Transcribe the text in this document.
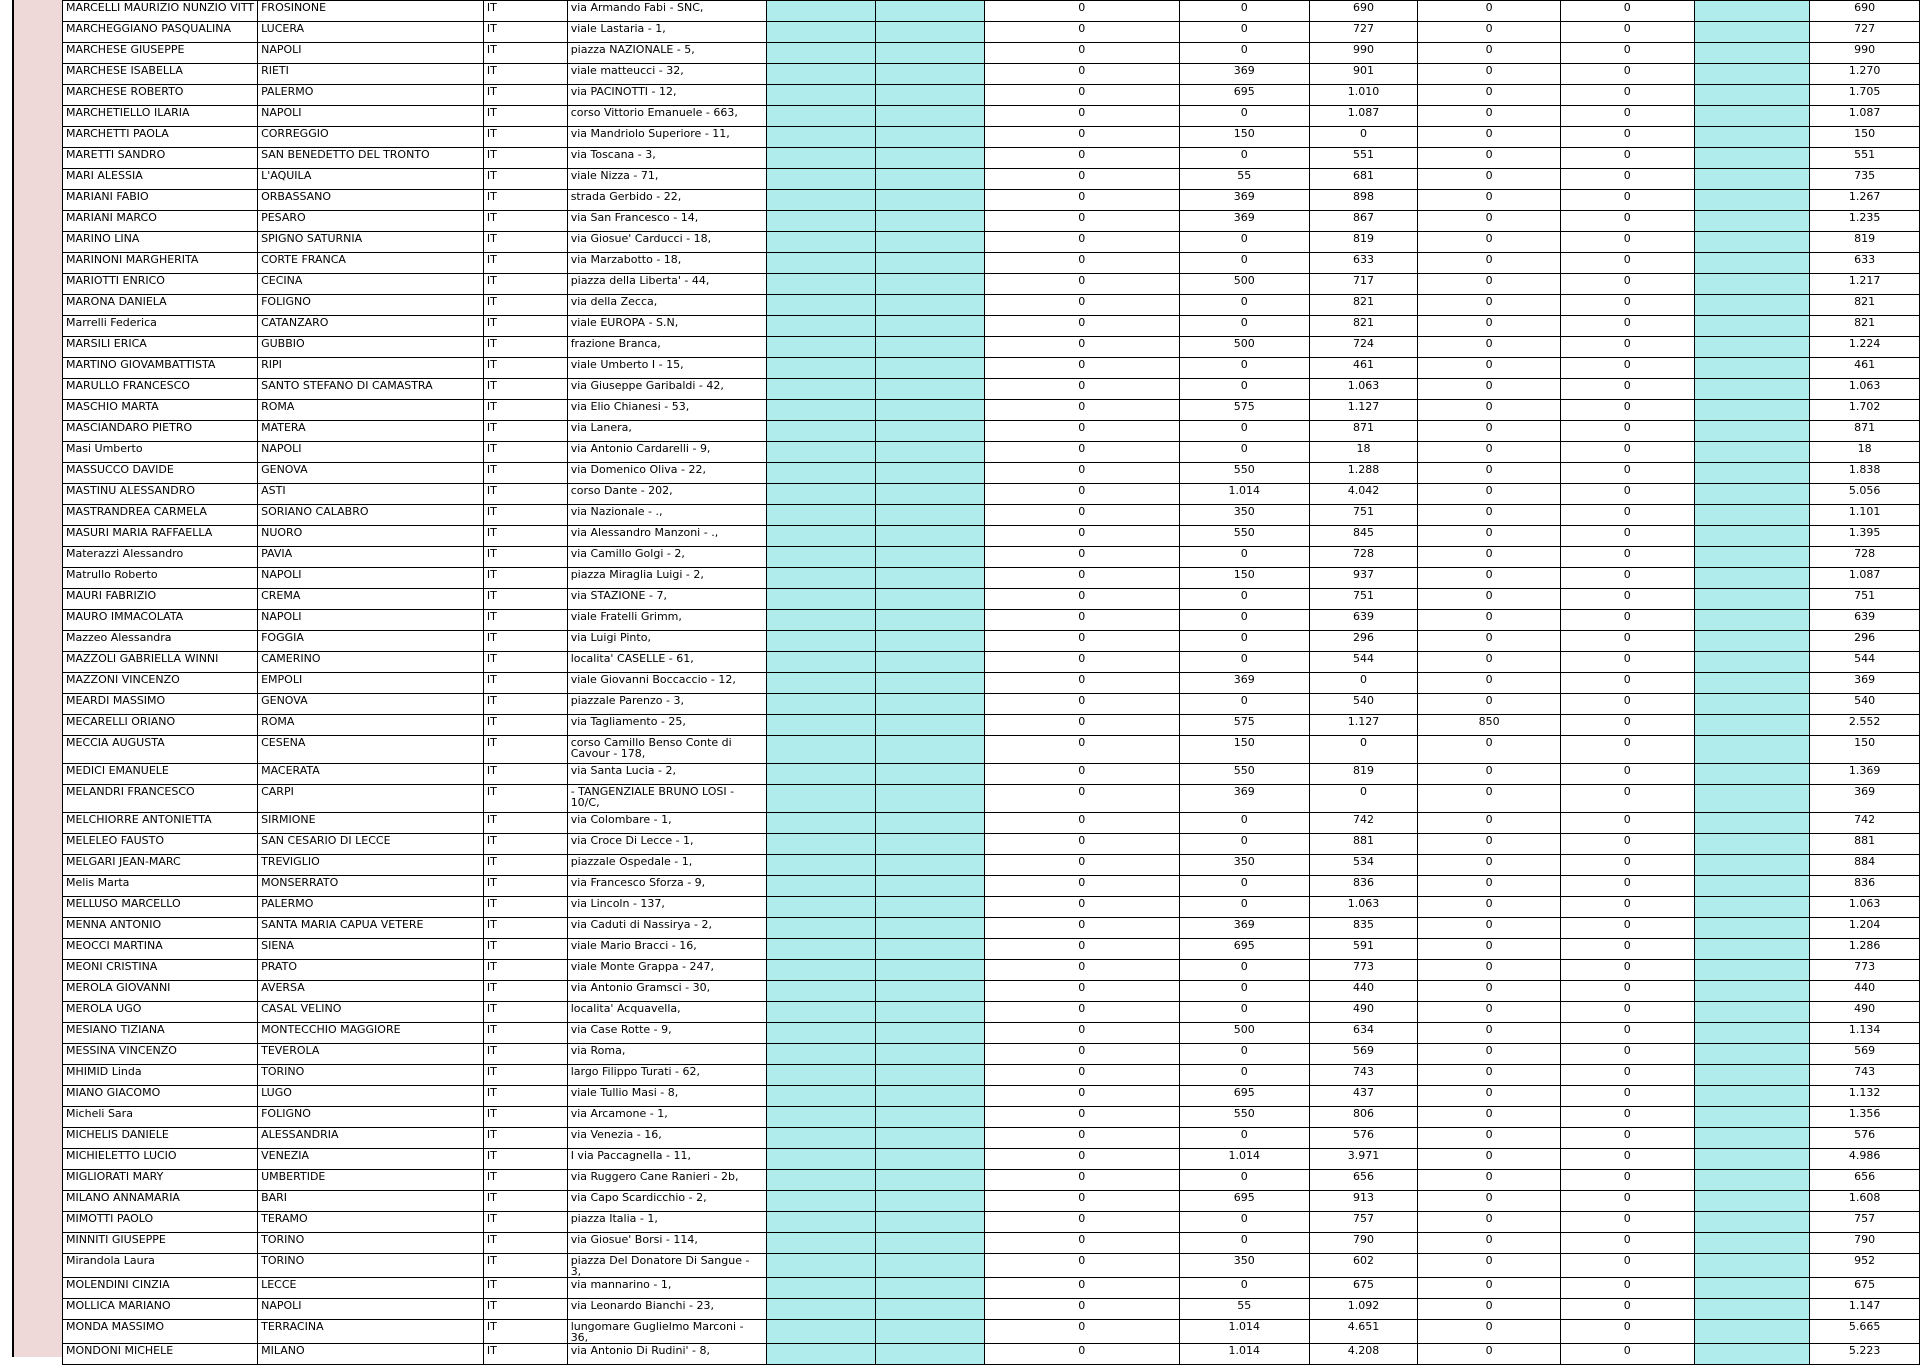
MARCELLI MAURIZIO NUNZIO VITT	FROSINONE	IT	via Armando Fabi - SNC,			0	0	690	0	0		690
MARCHEGGIANO PASQUALINA	LUCERA	IT	viale Lastaria - 1,			0	0	727	0	0		727
MARCHESE GIUSEPPE	NAPOLI	IT	piazza NAZIONALE - 5,			0	0	990	0	0		990
MARCHESE ISABELLA	RIETI	IT	viale matteucci - 32,			0	369	901	0	0		1.270
MARCHESE ROBERTO	PALERMO	IT	via PACINOTTI - 12,			0	695	1.010	0	0		1.705
MARCHETIELLO ILARIA	NAPOLI	IT	corso Vittorio Emanuele - 663,			0	0	1.087	0	0		1.087
MARCHETTI PAOLA	CORREGGIO	IT	via Mandriolo Superiore - 11,			0	150	0	0	0		150
MARETTI SANDRO	SAN BENEDETTO DEL TRONTO	IT	via Toscana - 3,			0	0	551	0	0		551
MARI ALESSIA	L'AQUILA	IT	viale Nizza - 71,			0	55	681	0	0		735
MARIANI FABIO	ORBASSANO	IT	strada Gerbido - 22,			0	369	898	0	0		1.267
MARIANI MARCO	PESARO	IT	via San Francesco - 14,			0	369	867	0	0		1.235
MARINO LINA	SPIGNO SATURNIA	IT	via Giosue' Carducci - 18,			0	0	819	0	0		819
MARINONI MARGHERITA	CORTE FRANCA	IT	via Marzabotto - 18,			0	0	633	0	0		633
MARIOTTI ENRICO	CECINA	IT	piazza della Liberta' - 44,			0	500	717	0	0		1.217
MARONA DANIELA	FOLIGNO	IT	via della Zecca,			0	0	821	0	0		821
Marrelli Federica	CATANZARO	IT	viale EUROPA - S.N,			0	0	821	0	0		821
MARSILI ERICA	GUBBIO	IT	frazione Branca,			0	500	724	0	0		1.224
MARTINO GIOVAMBATTISTA	RIPI	IT	viale Umberto I - 15,			0	0	461	0	0		461
MARULLO FRANCESCO	SANTO STEFANO DI CAMASTRA	IT	via Giuseppe Garibaldi - 42,			0	0	1.063	0	0		1.063
MASCHIO MARTA	ROMA	IT	via Elio Chianesi - 53,			0	575	1.127	0	0		1.702
MASCIANDARO PIETRO	MATERA	IT	via Lanera,			0	0	871	0	0		871
Masi Umberto	NAPOLI	IT	via Antonio Cardarelli - 9,			0	0	18	0	0		18
MASSUCCO DAVIDE	GENOVA	IT	via Domenico Oliva - 22,			0	550	1.288	0	0		1.838
MASTINU ALESSANDRO	ASTI	IT	corso Dante - 202,			0	1.014	4.042	0	0		5.056
MASTRANDREA CARMELA	SORIANO CALABRO	IT	via Nazionale - .,			0	350	751	0	0		1.101
MASURI MARIA RAFFAELLA	NUORO	IT	via Alessandro Manzoni - .,			0	550	845	0	0		1.395
Materazzi Alessandro	PAVIA	IT	via Camillo Golgi - 2,			0	0	728	0	0		728
Matrullo Roberto	NAPOLI	IT	piazza Miraglia Luigi - 2,			0	150	937	0	0		1.087
MAURI FABRIZIO	CREMA	IT	via STAZIONE - 7,			0	0	751	0	0		751
MAURO IMMACOLATA	NAPOLI	IT	viale Fratelli Grimm,			0	0	639	0	0		639
Mazzeo Alessandra	FOGGIA	IT	via Luigi Pinto,			0	0	296	0	0		296
MAZZOLI GABRIELLA WINNI	CAMERINO	IT	localita' CASELLE - 61,			0	0	544	0	0		544
MAZZONI VINCENZO	EMPOLI	IT	viale Giovanni Boccaccio - 12,			0	369	0	0	0		369
MEARDI MASSIMO	GENOVA	IT	piazzale Parenzo - 3,			0	0	540	0	0		540
MECARELLI ORIANO	ROMA	IT	via Tagliamento - 25,			0	575	1.127	850	0		2.552
MECCIA AUGUSTA	CESENA	IT	corso Camillo Benso Conte di Cavour - 178,			0	150	0	0	0		150
MEDICI EMANUELE	MACERATA	IT	via Santa Lucia - 2,			0	550	819	0	0		1.369
MELANDRI FRANCESCO	CARPI	IT	- TANGENZIALE BRUNO LOSI - 10/C,			0	369	0	0	0		369
MELCHIORRE ANTONIETTA	SIRMIONE	IT	via Colombare - 1,			0	0	742	0	0		742
MELELEO FAUSTO	SAN CESARIO DI LECCE	IT	via Croce Di Lecce - 1,			0	0	881	0	0		881
MELGARI JEAN-MARC	TREVIGLIO	IT	piazzale Ospedale - 1,			0	350	534	0	0		884
Melis Marta	MONSERRATO	IT	via Francesco Sforza - 9,			0	0	836	0	0		836
MELLUSO MARCELLO	PALERMO	IT	via Lincoln - 137,			0	0	1.063	0	0		1.063
MENNA ANTONIO	SANTA MARIA CAPUA VETERE	IT	via Caduti di Nassirya - 2,			0	369	835	0	0		1.204
MEOCCI MARTINA	SIENA	IT	viale Mario Bracci - 16,			0	695	591	0	0		1.286
MEONI CRISTINA	PRATO	IT	viale Monte Grappa - 247,			0	0	773	0	0		773
MEROLA GIOVANNI	AVERSA	IT	via Antonio Gramsci - 30,			0	0	440	0	0		440
MEROLA UGO	CASAL VELINO	IT	localita' Acquavella,			0	0	490	0	0		490
MESIANO TIZIANA	MONTECCHIO MAGGIORE	IT	via Case Rotte - 9,			0	500	634	0	0		1.134
MESSINA VINCENZO	TEVEROLA	IT	via Roma,			0	0	569	0	0		569
MHIMID Linda	TORINO	IT	largo Filippo Turati - 62,			0	0	743	0	0		743
MIANO GIACOMO	LUGO	IT	viale Tullio Masi - 8,			0	695	437	0	0		1.132
Micheli Sara	FOLIGNO	IT	via Arcamone - 1,			0	550	806	0	0		1.356
MICHELIS DANIELE	ALESSANDRIA	IT	via Venezia - 16,			0	0	576	0	0		576
MICHIELETTO LUCIO	VENEZIA	IT	I via Paccagnella - 11,			0	1.014	3.971	0	0		4.986
MIGLIORATI MARY	UMBERTIDE	IT	via Ruggero Cane Ranieri - 2b,			0	0	656	0	0		656
MILANO ANNAMARIA	BARI	IT	via Capo Scardicchio - 2,			0	695	913	0	0		1.608
MIMOTTI PAOLO	TERAMO	IT	piazza Italia - 1,			0	0	757	0	0		757
MINNITI GIUSEPPE	TORINO	IT	via Giosue' Borsi - 114,			0	0	790	0	0		790
Mirandola Laura	TORINO	IT	piazza Del Donatore Di Sangue - 3,			0	350	602	0	0		952
MOLENDINI CINZIA	LECCE	IT	via mannarino - 1,			0	0	675	0	0		675
MOLLICA MARIANO	NAPOLI	IT	via Leonardo Bianchi - 23,			0	55	1.092	0	0		1.147
MONDA MASSIMO	TERRACINA	IT	lungomare Guglielmo Marconi - 36,			0	1.014	4.651	0	0		5.665
MONDONI MICHELE	MILANO	IT	via Antonio Di Rudini' - 8,			0	1.014	4.208	0	0		5.223
